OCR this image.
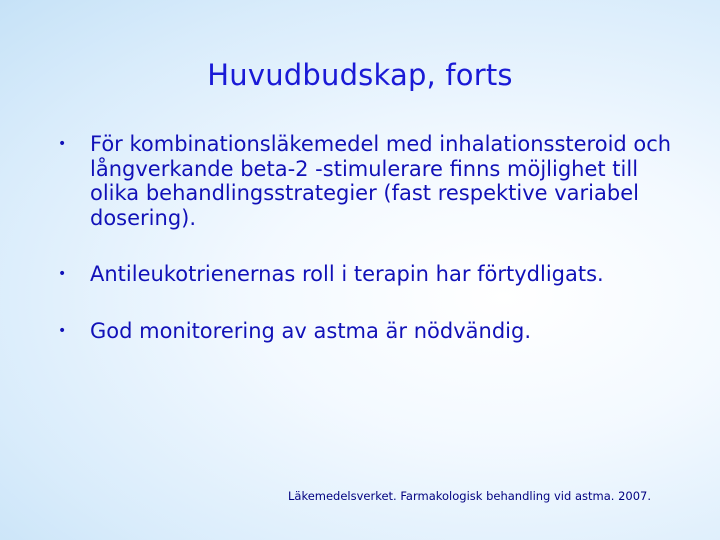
Huvudbudskap, forts
• För kombinationsläkemedel med inhalationssteroid och långverkande beta-2 -stimulerare finns möjlighet till olika behandlingsstrategier (fast respektive variabel dosering).
• Antileukotrienernas roll i terapin har förtydligats.
• God monitorering av astma är nödvändig.
Läkemedelsverket. Farmakologisk behandling vid astma. 2007.
